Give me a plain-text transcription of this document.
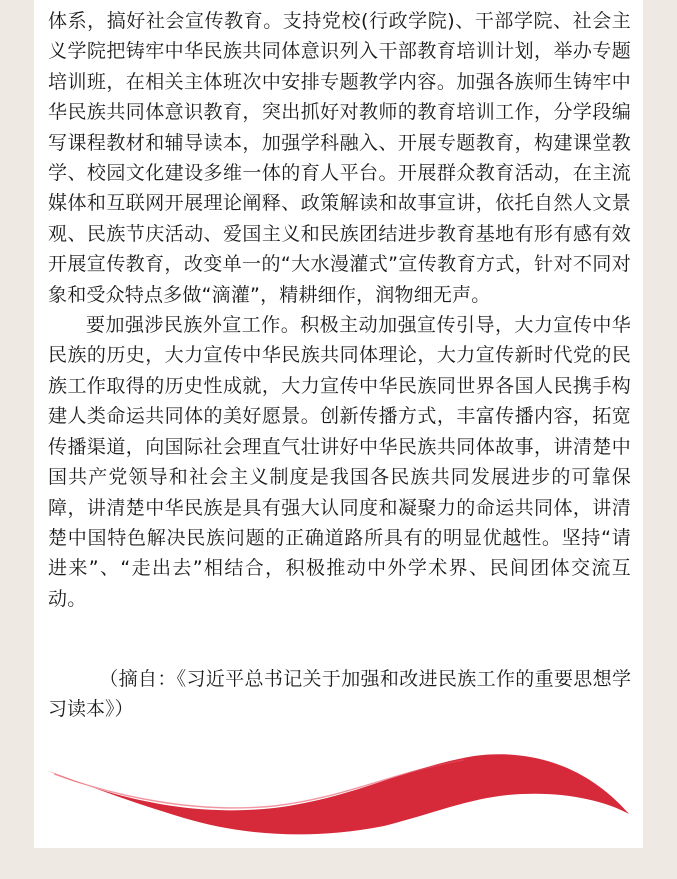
体系，搞好社会宣传教育。支持党校(行政学院)、干部学院、社会主义学院把铸牢中华民族共同体意识列入干部教育培训计划，举办专题培训班，在相关主体班次中安排专题教学内容。加强各族师生铸牢中华民族共同体意识教育，突出抓好对教师的教育培训工作，分学段编写课程教材和辅导读本，加强学科融入、开展专题教育，构建课堂教学、校园文化建设多维一体的育人平台。开展群众教育活动，在主流媒体和互联网开展理论阐释、政策解读和故事宣讲，依托自然人文景观、民族节庆活动、爱国主义和民族团结进步教育基地有形有感有效开展宣传教育，改变单一的“大水漫灌式”宣传教育方式，针对不同对象和受众特点多做“滴灌”，精耕细作，润物细无声。

要加强涉民族外宣工作。积极主动加强宣传引导，大力宣传中华民族的历史，大力宣传中华民族共同体理论，大力宣传新时代党的民族工作取得的历史性成就，大力宣传中华民族同世界各国人民携手构建人类命运共同体的美好愿景。创新传播方式，丰富传播内容，拓宽传播渠道，向国际社会理直气壮讲好中华民族共同体故事，讲清楚中国共产党领导和社会主义制度是我国各民族共同发展进步的可靠保障，讲清楚中华民族是具有强大认同度和凝聚力的命运共同体，讲清楚中国特色解决民族问题的正确道路所具有的明显优越性。坚持“请进来”、“走出去”相结合，积极推动中外学术界、民间团体交流互动。

（摘自：《习近平总书记关于加强和改进民族工作的重要思想学习读本》）
